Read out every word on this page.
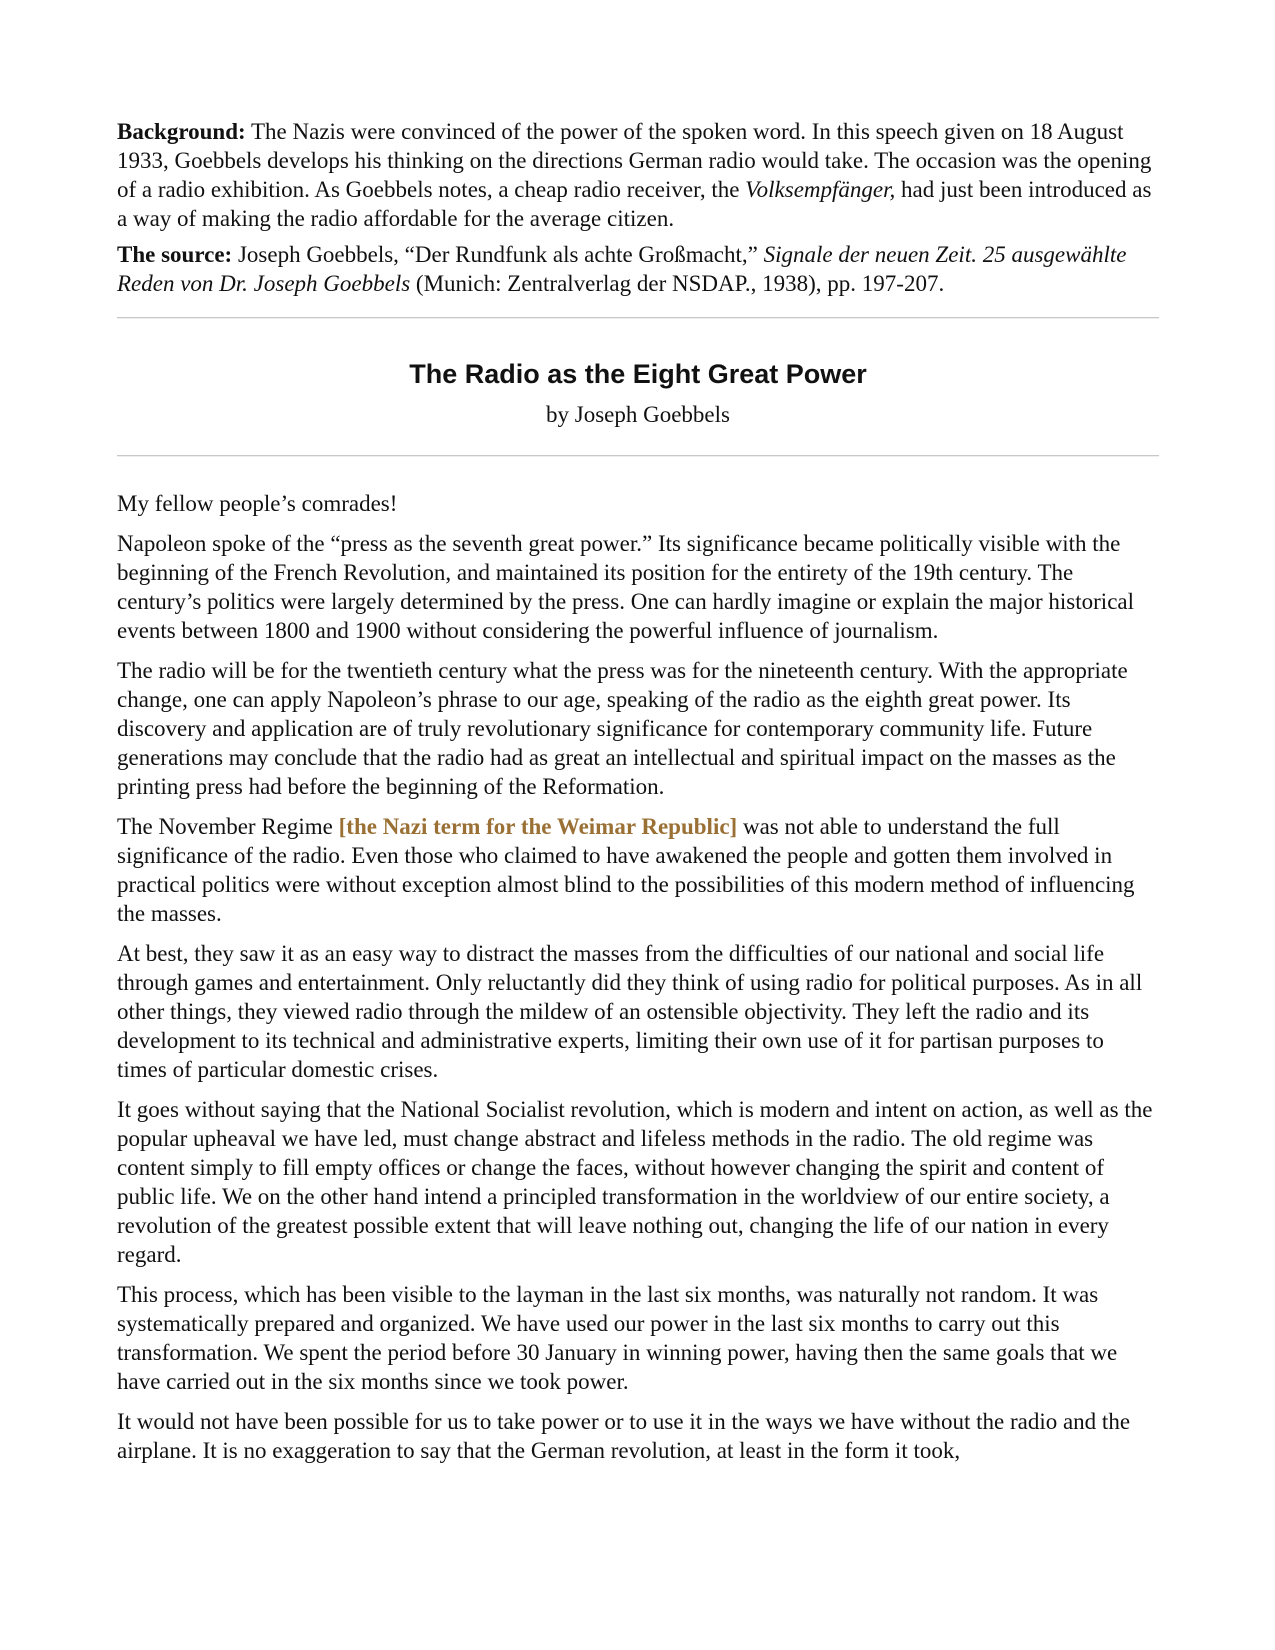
Background: The Nazis were convinced of the power of the spoken word. In this speech given on 18 August 1933, Goebbels develops his thinking on the directions German radio would take. The occasion was the opening of a radio exhibition. As Goebbels notes, a cheap radio receiver, the Volksempfänger, had just been introduced as a way of making the radio affordable for the average citizen.

The source: Joseph Goebbels, “Der Rundfunk als achte Großmacht,” Signale der neuen Zeit. 25 ausgewählte Reden von Dr. Joseph Goebbels (Munich: Zentralverlag der NSDAP., 1938), pp. 197-207.

The Radio as the Eight Great Power
by Joseph Goebbels

My fellow people’s comrades!

Napoleon spoke of the “press as the seventh great power.” Its significance became politically visible with the beginning of the French Revolution, and maintained its position for the entirety of the 19th century. The century’s politics were largely determined by the press. One can hardly imagine or explain the major historical events between 1800 and 1900 without considering the powerful influence of journalism.

The radio will be for the twentieth century what the press was for the nineteenth century. With the appropriate change, one can apply Napoleon’s phrase to our age, speaking of the radio as the eighth great power. Its discovery and application are of truly revolutionary significance for contemporary community life. Future generations may conclude that the radio had as great an intellectual and spiritual impact on the masses as the printing press had before the beginning of the Reformation.

The November Regime [the Nazi term for the Weimar Republic] was not able to understand the full significance of the radio. Even those who claimed to have awakened the people and gotten them involved in practical politics were without exception almost blind to the possibilities of this modern method of influencing the masses.

At best, they saw it as an easy way to distract the masses from the difficulties of our national and social life through games and entertainment. Only reluctantly did they think of using radio for political purposes. As in all other things, they viewed radio through the mildew of an ostensible objectivity. They left the radio and its development to its technical and administrative experts, limiting their own use of it for partisan purposes to times of particular domestic crises.

It goes without saying that the National Socialist revolution, which is modern and intent on action, as well as the popular upheaval we have led, must change abstract and lifeless methods in the radio. The old regime was content simply to fill empty offices or change the faces, without however changing the spirit and content of public life. We on the other hand intend a principled transformation in the worldview of our entire society, a revolution of the greatest possible extent that will leave nothing out, changing the life of our nation in every regard.

This process, which has been visible to the layman in the last six months, was naturally not random. It was systematically prepared and organized. We have used our power in the last six months to carry out this transformation. We spent the period before 30 January in winning power, having then the same goals that we have carried out in the six months since we took power.

It would not have been possible for us to take power or to use it in the ways we have without the radio and the airplane. It is no exaggeration to say that the German revolution, at least in the form it took,
